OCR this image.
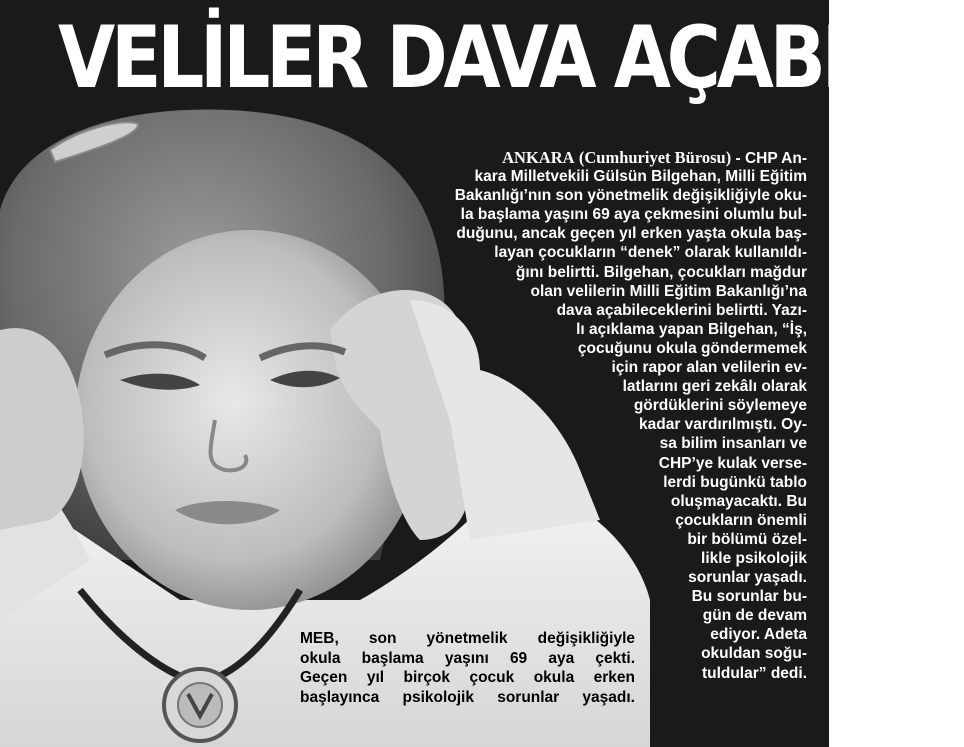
VELİLER DAVA AÇABİLİR
ANKARA (Cumhuriyet Bürosu) - CHP An-
kara Milletvekili Gülsün Bilgehan, Milli Eğitim
Bakanlığı’nın son yönetmelik değişikliğiyle oku-
la başlama yaşını 69 aya çekmesini olumlu bul-
duğunu, ancak geçen yıl erken yaşta okula baş-
layan çocukların “denek” olarak kullanıldı-
ğını belirtti. Bilgehan, çocukları mağdur
olan velilerin Milli Eğitim Bakanlığı’na
dava açabileceklerini belirtti. Yazı-
lı açıklama yapan Bilgehan, “İş,
çocuğunu okula göndermemek
için rapor alan velilerin ev-
latlarını geri zekâlı olarak
gördüklerini söylemeye
kadar vardırılmıştı. Oy-
sa bilim insanları ve
CHP’ye kulak verse-
lerdi bugünkü tablo
oluşmayacaktı. Bu
çocukların önemli
bir bölümü özel-
likle psikolojik
sorunlar yaşadı.
Bu sorunlar bu-
gün de devam
ediyor. Adeta
okuldan soğu-
tuldular” dedi.
MEB, son yönetmelik değişikliğiyle
okula başlama yaşını 69 aya çekti.
Geçen yıl birçok çocuk okula erken
başlayınca psikolojik sorunlar yaşadı.
